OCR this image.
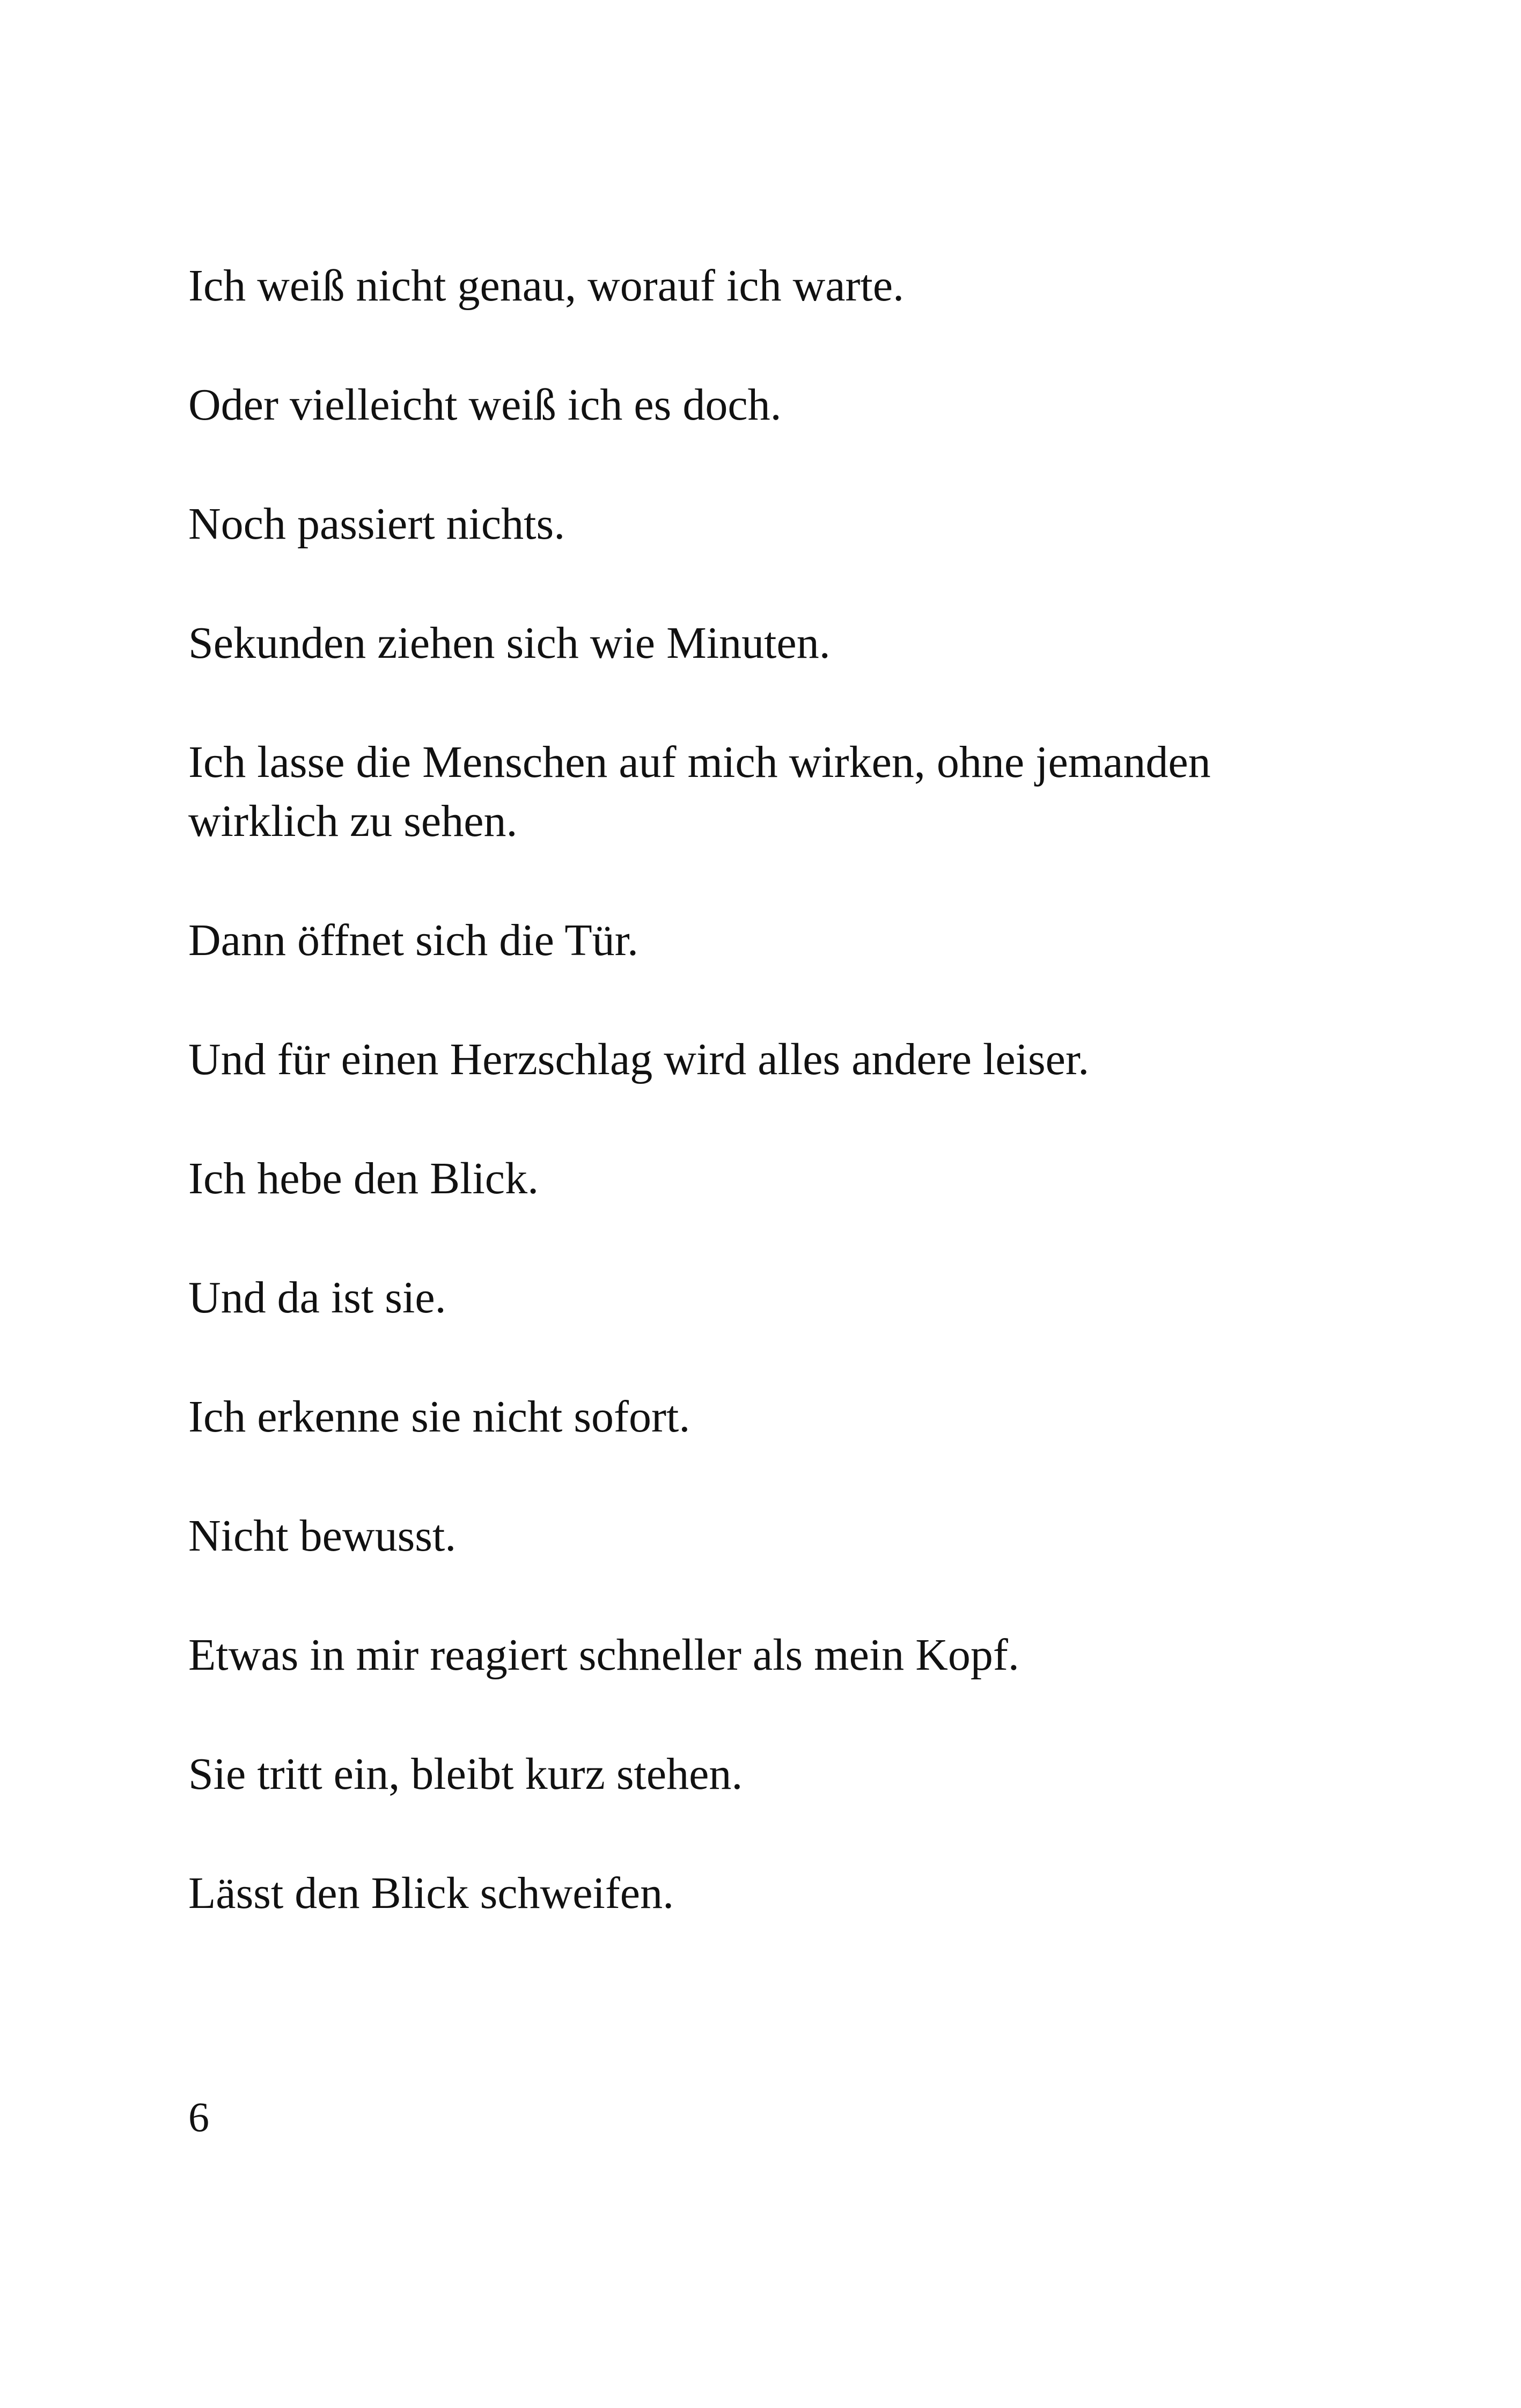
Ich weiß nicht genau, worauf ich warte.

Oder vielleicht weiß ich es doch.

Noch passiert nichts.

Sekunden ziehen sich wie Minuten.

Ich lasse die Menschen auf mich wirken, ohne jemanden wirklich zu sehen.

Dann öffnet sich die Tür.

Und für einen Herzschlag wird alles andere leiser.

Ich hebe den Blick.

Und da ist sie.

Ich erkenne sie nicht sofort.

Nicht bewusst.

Etwas in mir reagiert schneller als mein Kopf.

Sie tritt ein, bleibt kurz stehen.

Lässt den Blick schweifen.

6
